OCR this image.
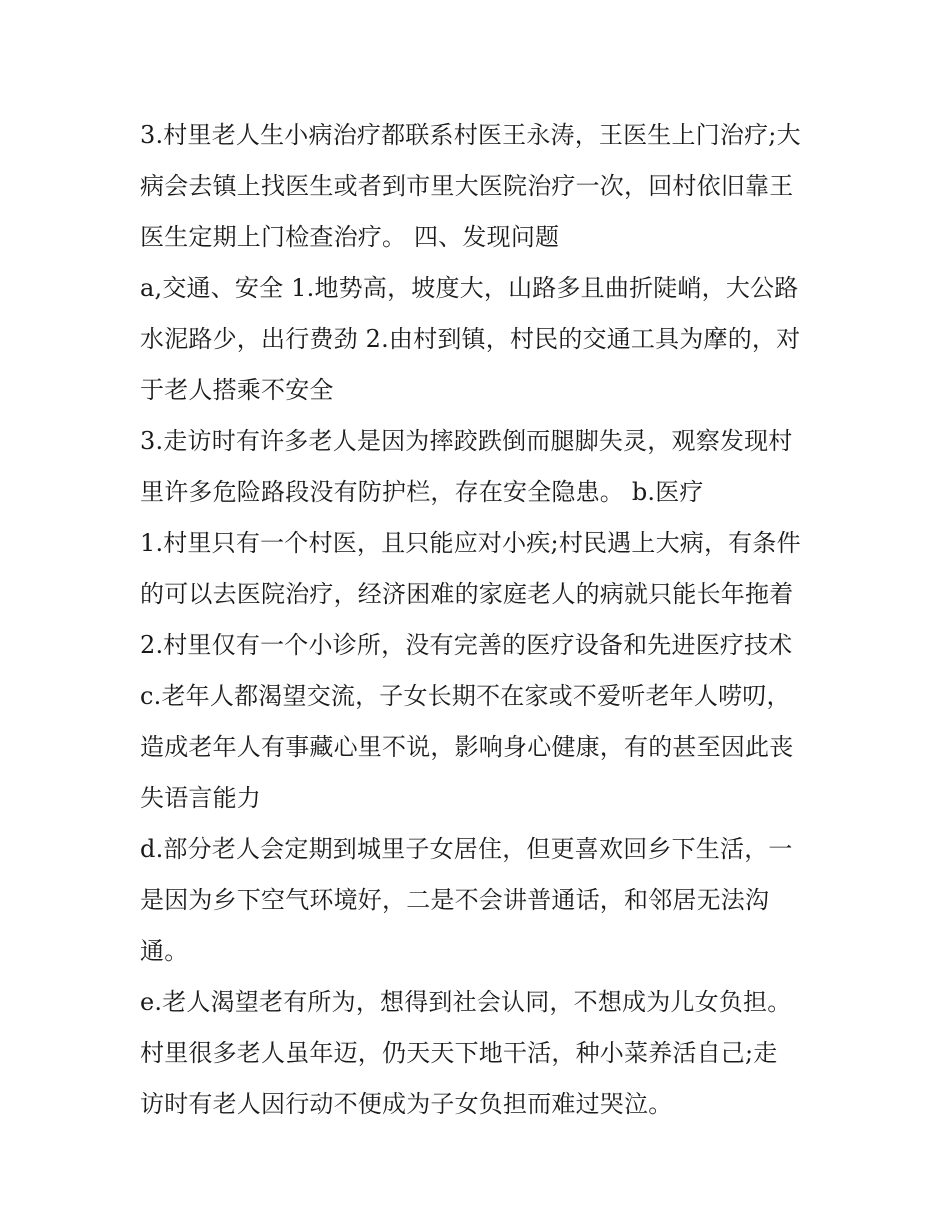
3.村里老人生小病治疗都联系村医王永涛，王医生上门治疗;大
病会去镇上找医生或者到市里大医院治疗一次，回村依旧靠王
医生定期上门检查治疗。 四、发现问题
a,交通、安全 1.地势高，坡度大，山路多且曲折陡峭，大公路
水泥路少，出行费劲 2.由村到镇，村民的交通工具为摩的，对
于老人搭乘不安全
3.走访时有许多老人是因为摔跤跌倒而腿脚失灵，观察发现村
里许多危险路段没有防护栏，存在安全隐患。 b.医疗
1.村里只有一个村医，且只能应对小疾;村民遇上大病，有条件
的可以去医院治疗，经济困难的家庭老人的病就只能长年拖着
2.村里仅有一个小诊所，没有完善的医疗设备和先进医疗技术
c.老年人都渴望交流，子女长期不在家或不爱听老年人唠叨，
造成老年人有事藏心里不说，影响身心健康，有的甚至因此丧
失语言能力
d.部分老人会定期到城里子女居住，但更喜欢回乡下生活，一
是因为乡下空气环境好，二是不会讲普通话，和邻居无法沟
通。
e.老人渴望老有所为，想得到社会认同，不想成为儿女负担。
村里很多老人虽年迈，仍天天下地干活，种小菜养活自己;走
访时有老人因行动不便成为子女负担而难过哭泣。
